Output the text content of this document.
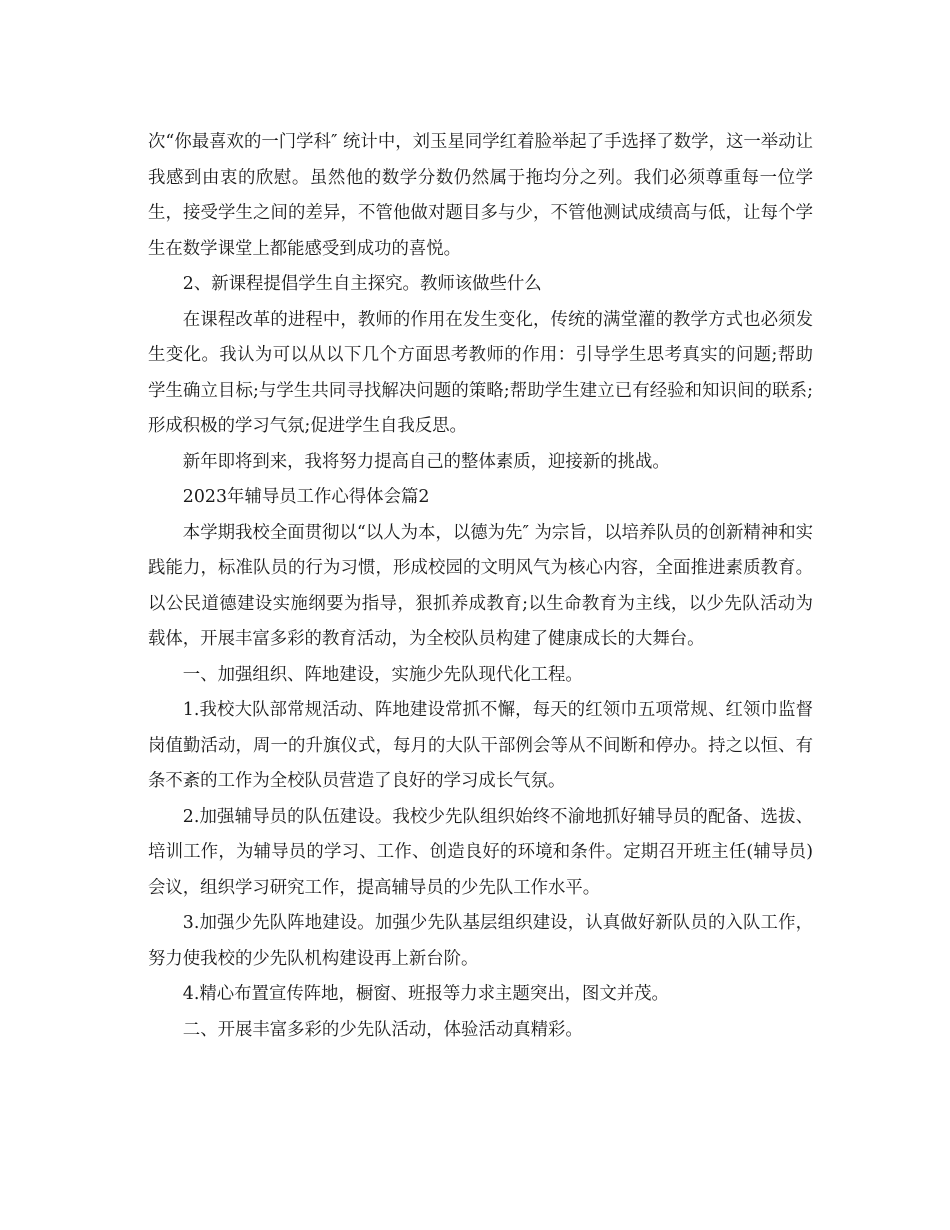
次“你最喜欢的一门学科″ 统计中，刘玉星同学红着脸举起了手选择了数学，这一举动让我感到由衷的欣慰。虽然他的数学分数仍然属于拖均分之列。我们必须尊重每一位学生，接受学生之间的差异，不管他做对题目多与少，不管他测试成绩高与低，让每个学生在数学课堂上都能感受到成功的喜悦。

2、新课程提倡学生自主探究。教师该做些什么

在课程改革的进程中，教师的作用在发生变化，传统的满堂灌的教学方式也必须发生变化。我认为可以从以下几个方面思考教师的作用：引导学生思考真实的问题;帮助学生确立目标;与学生共同寻找解决问题的策略;帮助学生建立已有经验和知识间的联系;形成积极的学习气氛;促进学生自我反思。

新年即将到来，我将努力提高自己的整体素质，迎接新的挑战。

2023年辅导员工作心得体会篇2

本学期我校全面贯彻以“以人为本，以德为先″ 为宗旨，以培养队员的创新精神和实践能力，标准队员的行为习惯，形成校园的文明风气为核心内容，全面推进素质教育。以公民道德建设实施纲要为指导，狠抓养成教育;以生命教育为主线，以少先队活动为载体，开展丰富多彩的教育活动，为全校队员构建了健康成长的大舞台。

一、加强组织、阵地建设，实施少先队现代化工程。

1.我校大队部常规活动、阵地建设常抓不懈，每天的红领巾五项常规、红领巾监督岗值勤活动，周一的升旗仪式，每月的大队干部例会等从不间断和停办。持之以恒、有条不紊的工作为全校队员营造了良好的学习成长气氛。

2.加强辅导员的队伍建设。我校少先队组织始终不渝地抓好辅导员的配备、选拔、培训工作，为辅导员的学习、工作、创造良好的环境和条件。定期召开班主任(辅导员)会议，组织学习研究工作，提高辅导员的少先队工作水平。

3.加强少先队阵地建设。加强少先队基层组织建设，认真做好新队员的入队工作，努力使我校的少先队机构建设再上新台阶。

4.精心布置宣传阵地，橱窗、班报等力求主题突出，图文并茂。

二、开展丰富多彩的少先队活动，体验活动真精彩。
